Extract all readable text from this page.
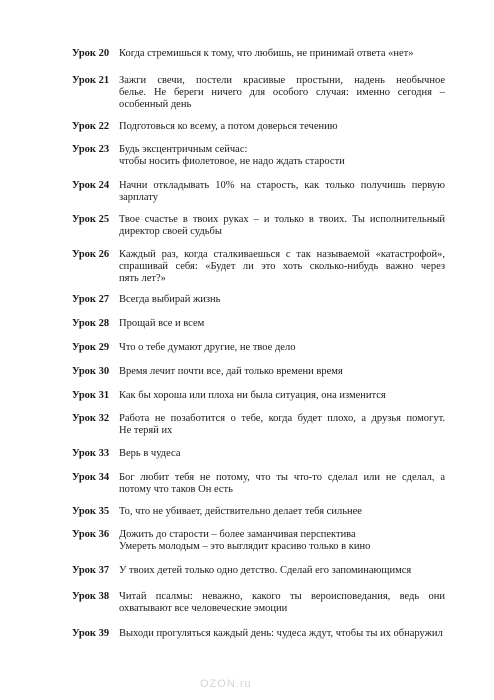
Урок 20 Когда стремишься к тому, что любишь, не принимай ответа «нет»
Урок 21 Зажги свечи, постели красивые простыни, надень необычное
белье. Не береги ничего для особого случая: именно сегодня –
особенный день
Урок 22 Подготовься ко всему, а потом доверься течению
Урок 23 Будь эксцентричным сейчас:
чтобы носить фиолетовое, не надо ждать старости
Урок 24 Начни откладывать 10% на старость, как только получишь первую
зарплату
Урок 25 Твое счастье в твоих руках – и только в твоих. Ты исполнительный
директор своей судьбы
Урок 26 Каждый раз, когда сталкиваешься с так называемой «катастрофой»,
спрашивай себя: «Будет ли это хоть сколько-нибудь важно через
пять лет?»
Урок 27 Всегда выбирай жизнь
Урок 28 Прощай все и всем
Урок 29 Что о тебе думают другие, не твое дело
Урок 30 Время лечит почти все, дай только времени время
Урок 31 Как бы хороша или плоха ни была ситуация, она изменится
Урок 32 Работа не позаботится о тебе, когда будет плохо, а друзья помогут.
Не теряй их
Урок 33 Верь в чудеса
Урок 34 Бог любит тебя не потому, что ты что-то сделал или не сделал, а
потому что таков Он есть
Урок 35 То, что не убивает, действительно делает тебя сильнее
Урок 36 Дожить до старости – более заманчивая перспектива
Умереть молодым – это выглядит красиво только в кино
Урок 37 У твоих детей только одно детство. Сделай его запоминающимся
Урок 38 Читай псалмы: неважно, какого ты вероисповедания, ведь они
охватывают все человеческие эмоции
Урок 39 Выходи прогуляться каждый день: чудеса ждут, чтобы ты их обнаружил
OZON.ru
